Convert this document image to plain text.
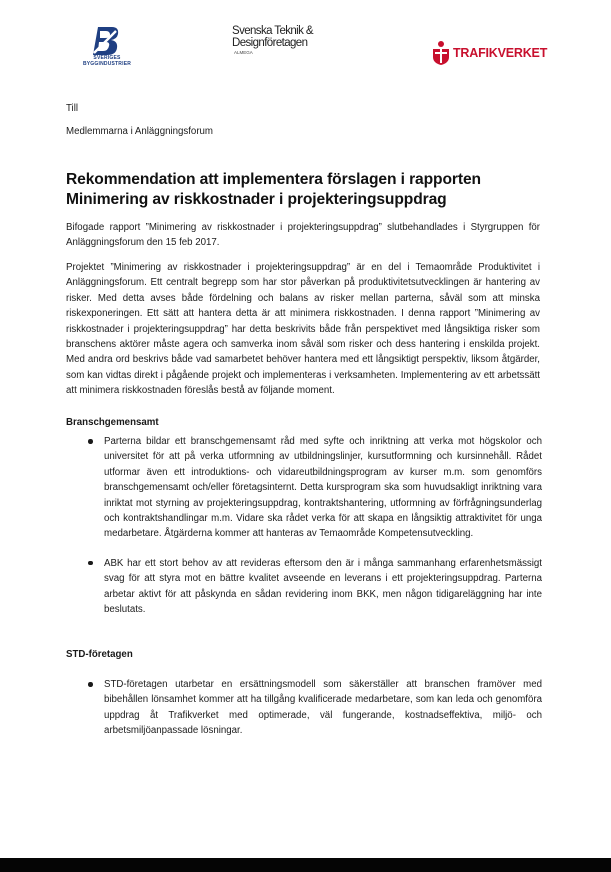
SVERIGES
BYGGINDUSTRIER
Svenska Teknik &
Designföretagen
ALMEGA	TRAFIKVERKET
Till
Medlemmarna i Anläggningsforum
Rekommendation att implementera förslagen i rapporten Minimering av riskkostnader i projekteringsuppdrag
Bifogade rapport ”Minimering av riskkostnader i projekteringsuppdrag” slutbehandlades i Styrgruppen för Anläggningsforum den 15 feb 2017.
Projektet ”Minimering av riskkostnader i projekteringsuppdrag” är en del i Temaområde Produktivitet i Anläggningsforum. Ett centralt begrepp som har stor påverkan på produktivitetsutvecklingen är hantering av risker. Med detta avses både fördelning och balans av risker mellan parterna, såväl som att minska riskexponeringen. Ett sätt att hantera detta är att minimera riskkostnaden. I denna rapport ”Minimering av riskkostnader i projekteringsuppdrag” har detta beskrivits både från perspektivet med långsiktiga risker som branschens aktörer måste agera och samverka inom såväl som risker och dess hantering i enskilda projekt. Med andra ord beskrivs både vad samarbetet behöver hantera med ett långsiktigt perspektiv, liksom åtgärder, som kan vidtas direkt i pågående projekt och implementeras i verksamheten. Implementering av ett arbetssätt att minimera riskkostnaden föreslås bestå av följande moment.
Branschgemensamt
Parterna bildar ett branschgemensamt råd med syfte och inriktning att verka mot högskolor och universitet för att på verka utformning av utbildningslinjer, kursutformning och kursinnehåll. Rådet utformar även ett introduktions- och vidareutbildningsprogram av kurser m.m. som genomförs branschgemensamt och/eller företagsinternt. Detta kursprogram ska som huvudsakligt inriktning vara inriktat mot styrning av projekteringsuppdrag, kontraktshantering, utformning av förfrågningsunderlag och kontraktshandlingar m.m. Vidare ska rådet verka för att skapa en långsiktig attraktivitet för unga medarbetare. Åtgärderna kommer att hanteras av Temaområde Kompetensutveckling.
ABK har ett stort behov av att revideras eftersom den är i många sammanhang erfarenhetsmässigt svag för att styra mot en bättre kvalitet avseende en leverans i ett projekteringsuppdrag. Parterna arbetar aktivt för att påskynda en sådan revidering inom BKK, men någon tidigareläggning har inte beslutats.
STD-företagen
STD-företagen utarbetar en ersättningsmodell som säkerställer att branschen framöver med bibehållen lönsamhet kommer att ha tillgång kvalificerade medarbetare, som kan leda och genomföra uppdrag åt Trafikverket med optimerade, väl fungerande, kostnadseffektiva, miljö- och arbetsmiljöanpassade lösningar.
